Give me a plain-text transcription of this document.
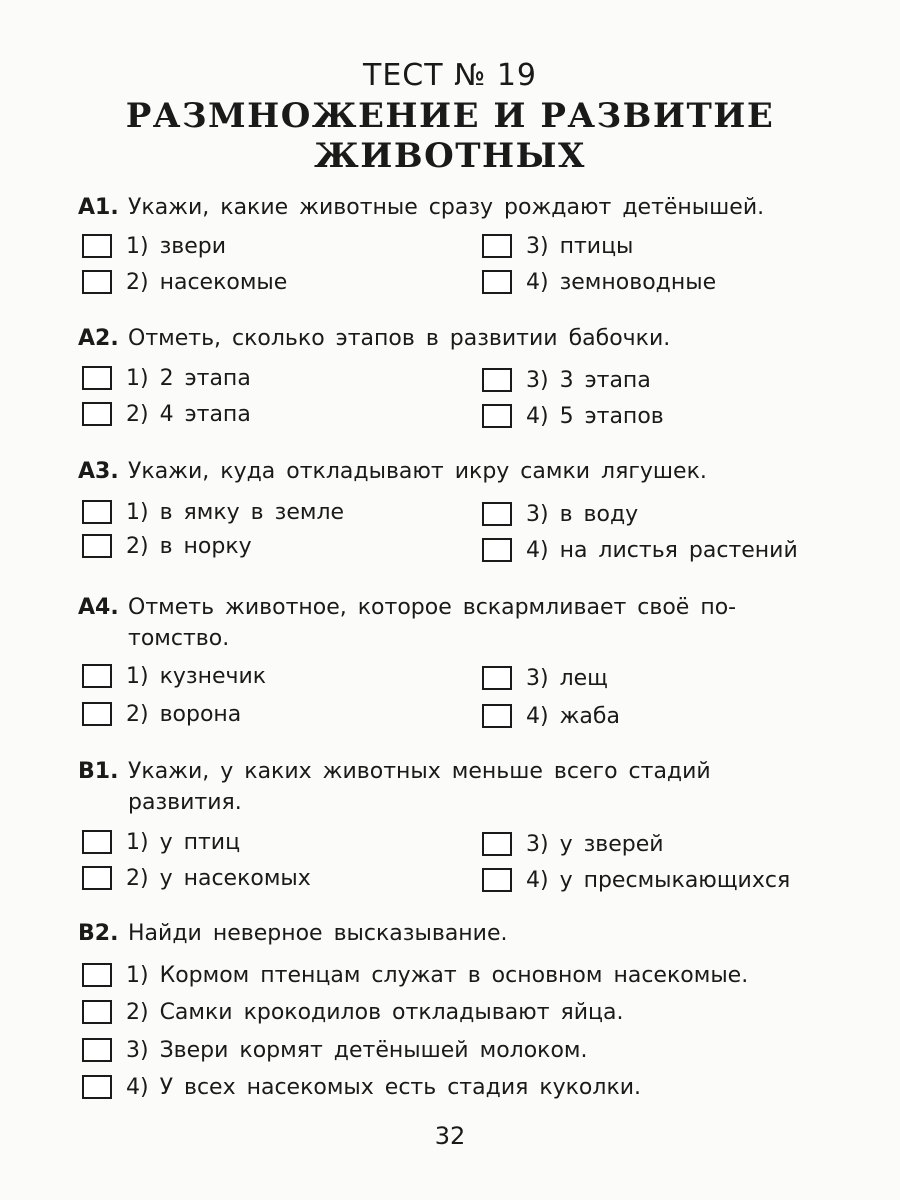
ТЕСТ № 19
РАЗМНОЖЕНИЕ И РАЗВИТИЕ
ЖИВОТНЫХ
А1. Укажи, какие животные сразу рождают детёнышей.
1) звери
2) насекомые
3) птицы
4) земноводные
А2. Отметь, сколько этапов в развитии бабочки.
1) 2 этапа
2) 4 этапа
3) 3 этапа
4) 5 этапов
А3. Укажи, куда откладывают икру самки лягушек.
1) в ямку в земле
2) в норку
3) в воду
4) на листья растений
А4. Отметь животное, которое вскармливает своё по-
томство.
1) кузнечик
2) ворона
3) лещ
4) жаба
В1. Укажи, у каких животных меньше всего стадий
развития.
1) у птиц
2) у насекомых
3) у зверей
4) у пресмыкающихся
В2. Найди неверное высказывание.
1) Кормом птенцам служат в основном насекомые.
2) Самки крокодилов откладывают яйца.
3) Звери кормят детёнышей молоком.
4) У всех насекомых есть стадия куколки.
32
